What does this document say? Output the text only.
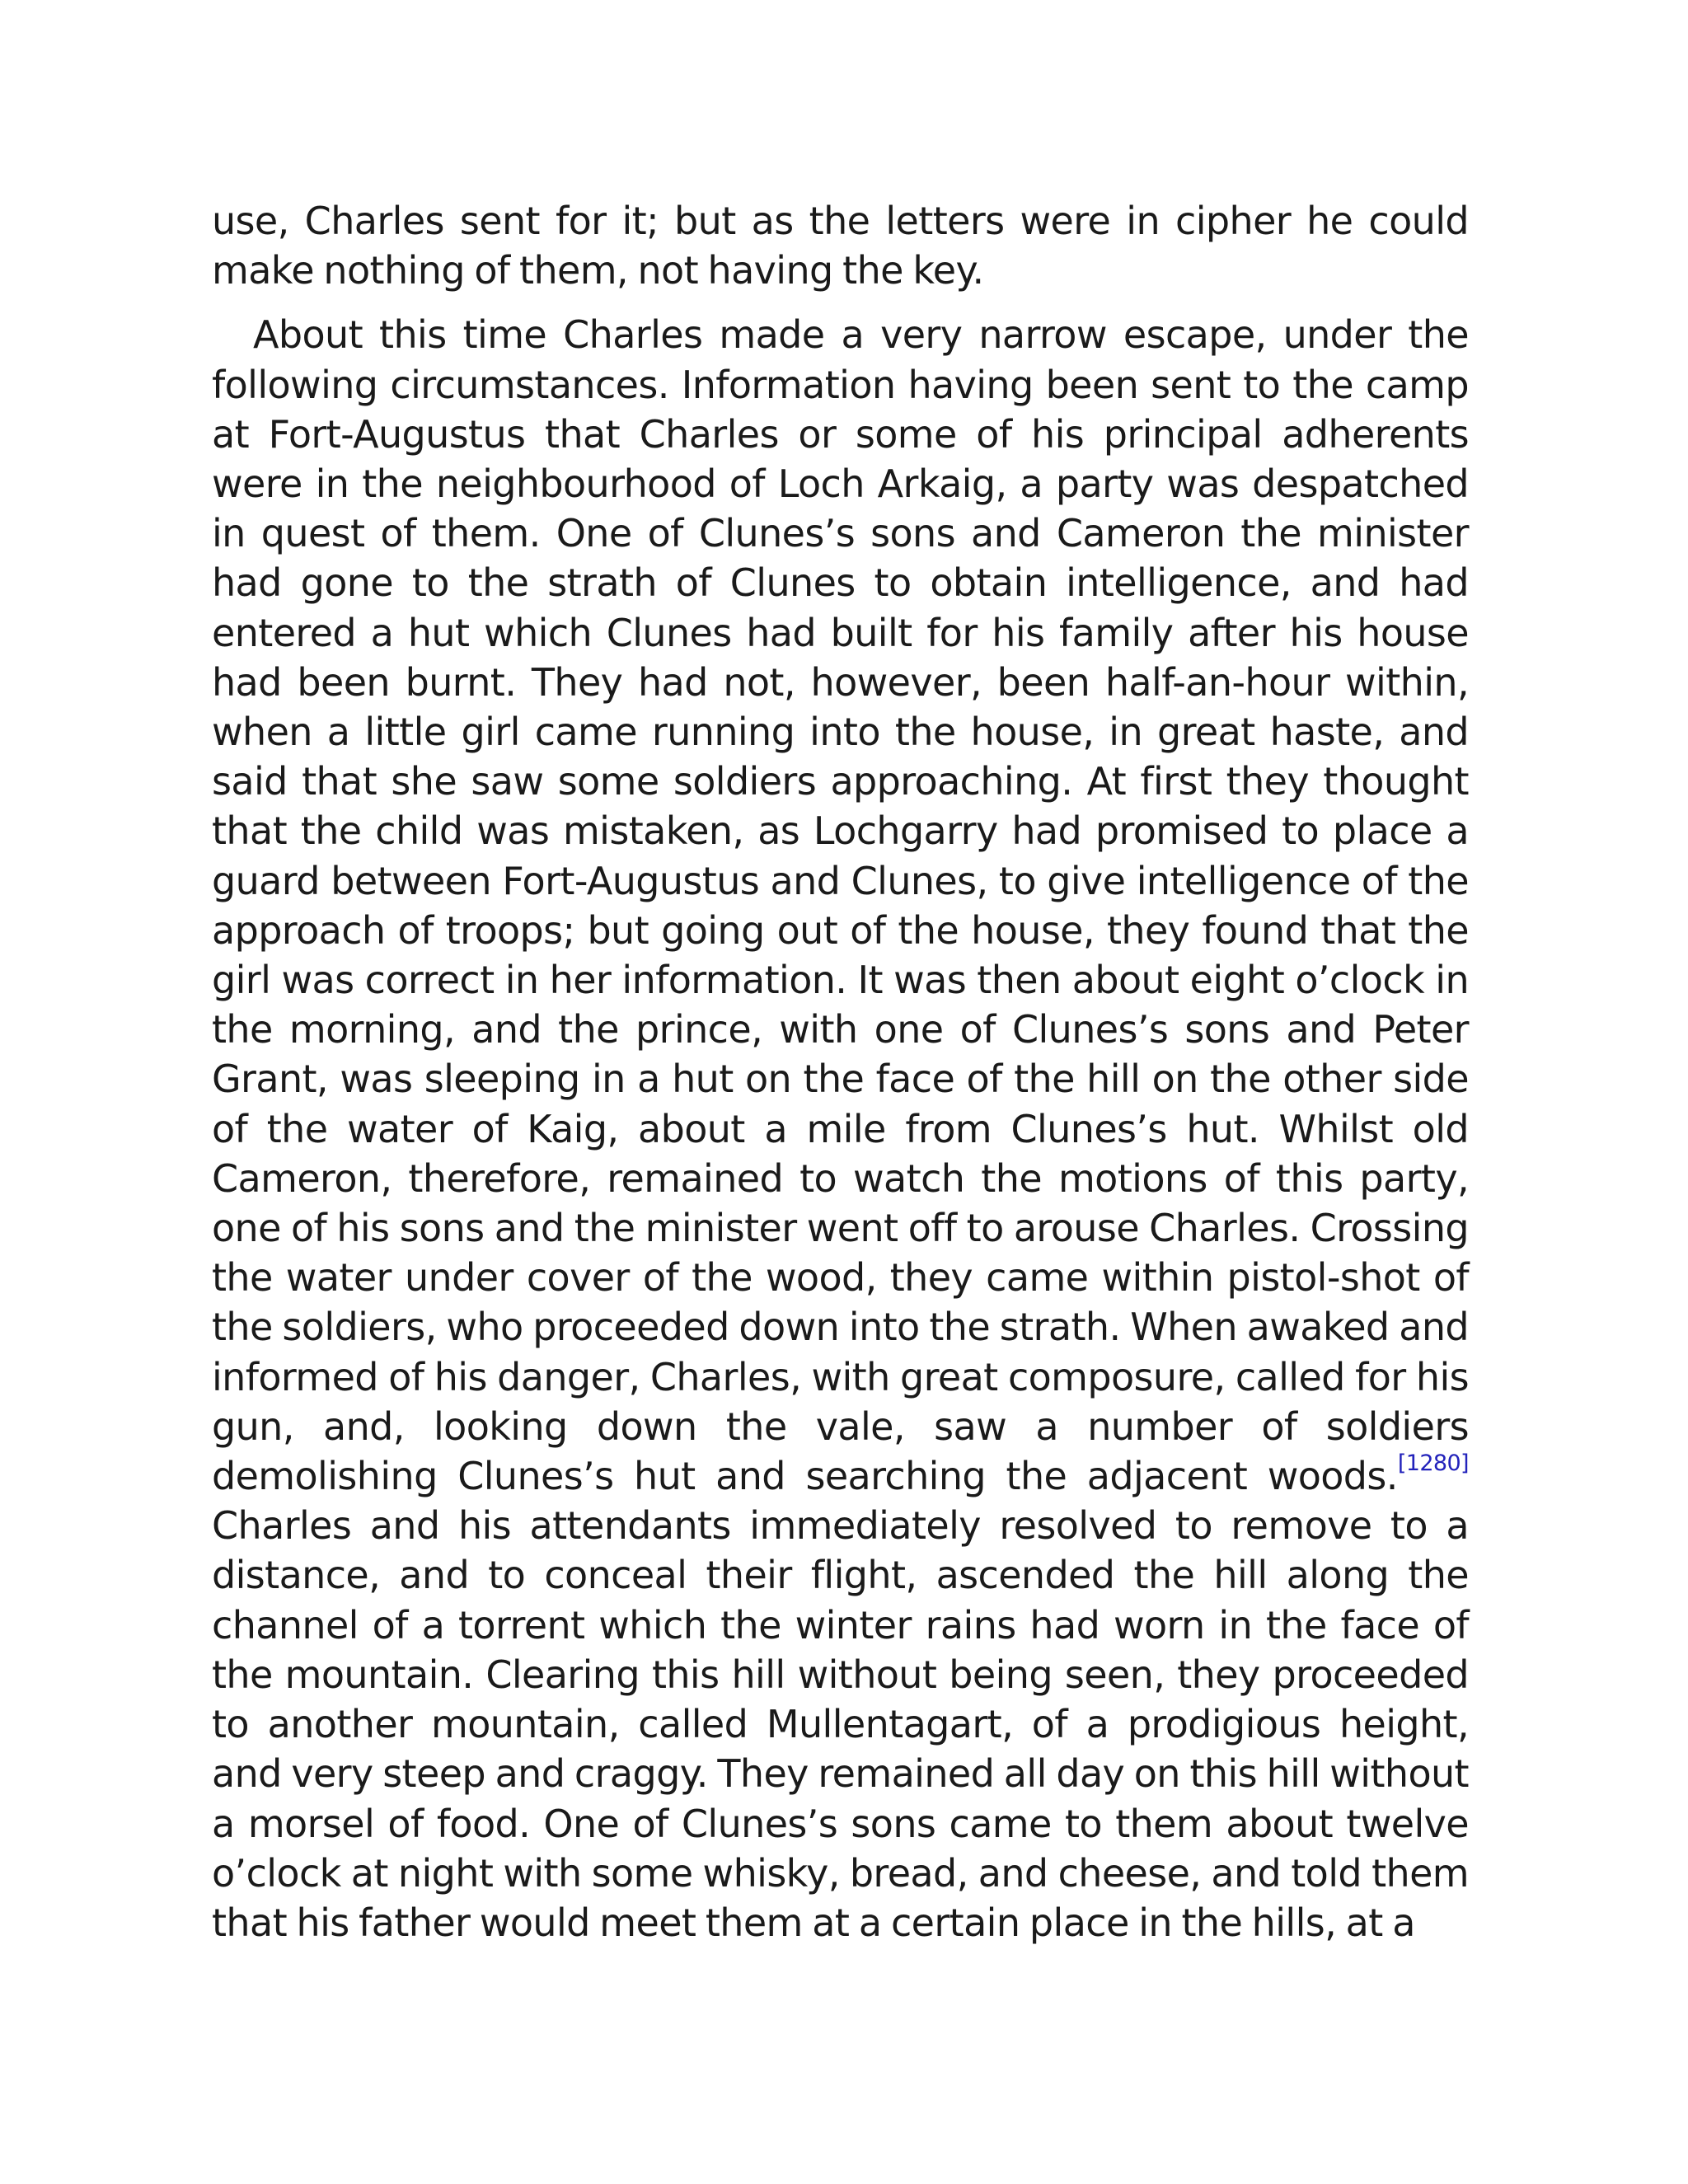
use, Charles sent for it; but as the letters were in cipher he could make nothing of them, not having the key.

About this time Charles made a very narrow escape, under the following circumstances. Information having been sent to the camp at Fort-Augustus that Charles or some of his principal adherents were in the neighbourhood of Loch Arkaig, a party was despatched in quest of them. One of Clunes’s sons and Cameron the minister had gone to the strath of Clunes to obtain intelligence, and had entered a hut which Clunes had built for his family after his house had been burnt. They had not, however, been half-an-hour within, when a little girl came running into the house, in great haste, and said that she saw some soldiers approaching. At first they thought that the child was mistaken, as Lochgarry had promised to place a guard between Fort-Augustus and Clunes, to give intelligence of the approach of troops; but going out of the house, they found that the girl was correct in her information. It was then about eight o’clock in the morning, and the prince, with one of Clunes’s sons and Peter Grant, was sleeping in a hut on the face of the hill on the other side of the water of Kaig, about a mile from Clunes’s hut. Whilst old Cameron, therefore, remained to watch the motions of this party, one of his sons and the minister went off to arouse Charles. Crossing the water under cover of the wood, they came within pistol-shot of the soldiers, who proceeded down into the strath. When awaked and informed of his danger, Charles, with great composure, called for his gun, and, looking down the vale, saw a number of soldiers demolishing Clunes’s hut and searching the adjacent woods.[1280] Charles and his attendants immediately resolved to remove to a distance, and to conceal their flight, ascended the hill along the channel of a torrent which the winter rains had worn in the face of the mountain. Clearing this hill without being seen, they proceeded to another mountain, called Mullentagart, of a prodigious height, and very steep and craggy. They remained all day on this hill without a morsel of food. One of Clunes’s sons came to them about twelve o’clock at night with some whisky, bread, and cheese, and told them that his father would meet them at a certain place in the hills, at a
